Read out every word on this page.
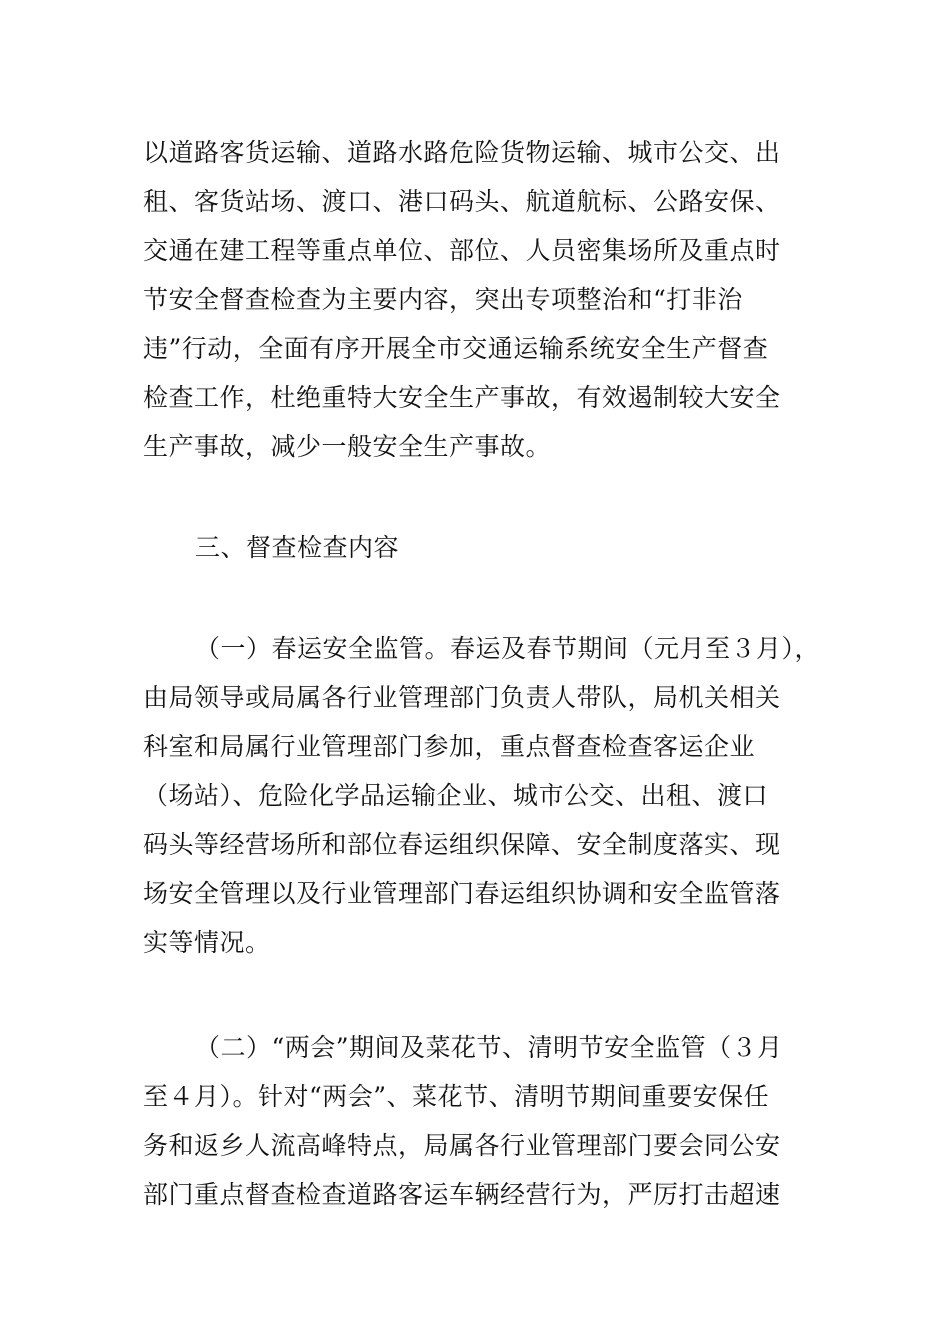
以道路客货运输、道路水路危险货物运输、城市公交、出
租、客货站场、渡口、港口码头、航道航标、公路安保、
交通在建工程等重点单位、部位、人员密集场所及重点时
节安全督查检查为主要内容，突出专项整治和“打非治
违”行动，全面有序开展全市交通运输系统安全生产督查
检查工作，杜绝重特大安全生产事故，有效遏制较大安全
生产事故，减少一般安全生产事故。
三、督查检查内容
（一）春运安全监管。春运及春节期间（元月至３月），
由局领导或局属各行业管理部门负责人带队，局机关相关
科室和局属行业管理部门参加，重点督查检查客运企业
（场站）、危险化学品运输企业、城市公交、出租、渡口
码头等经营场所和部位春运组织保障、安全制度落实、现
场安全管理以及行业管理部门春运组织协调和安全监管落
实等情况。
（二）“两会”期间及菜花节、清明节安全监管（３月
至４月）。针对“两会”、菜花节、清明节期间重要安保任
务和返乡人流高峰特点，局属各行业管理部门要会同公安
部门重点督查检查道路客运车辆经营行为，严厉打击超速
